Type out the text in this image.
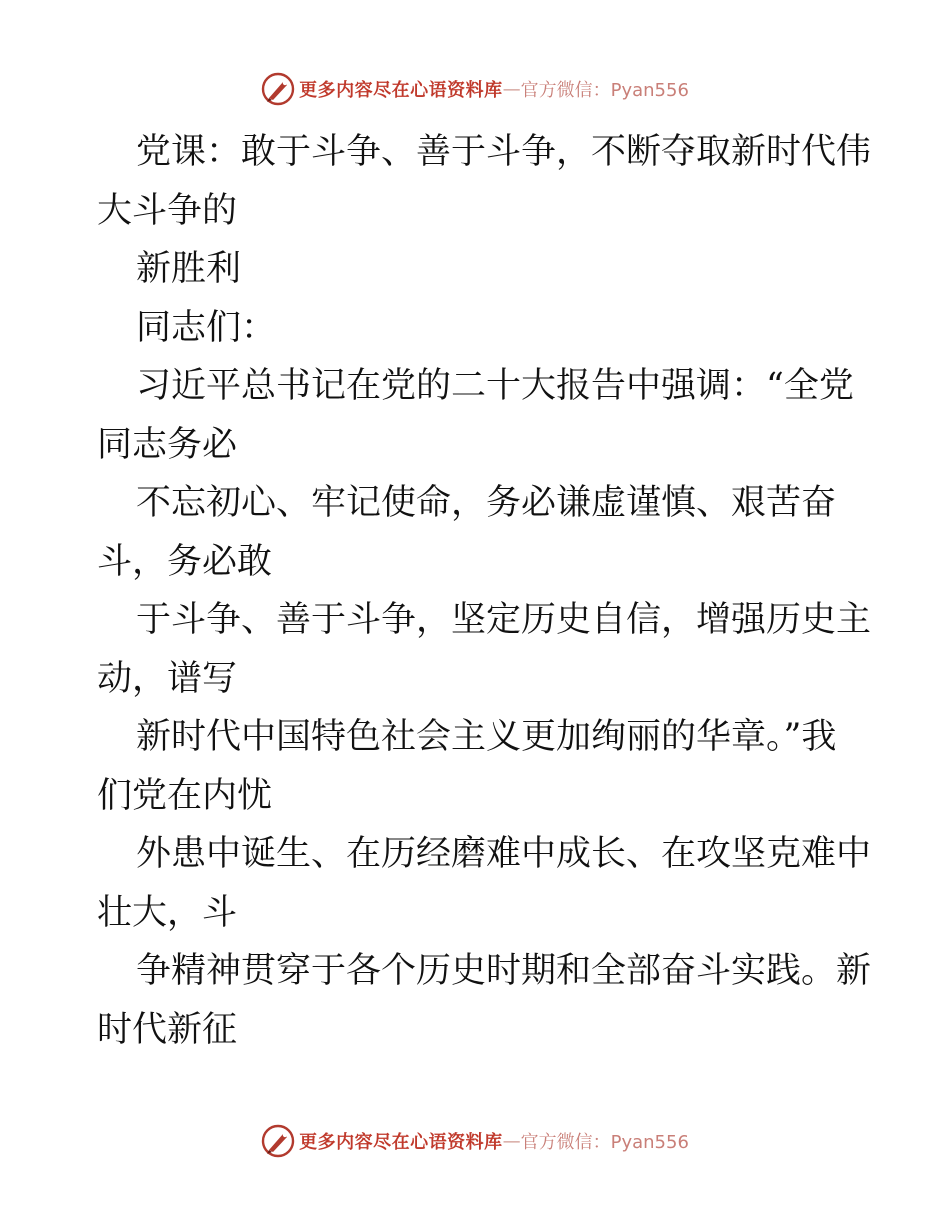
更多内容尽在心语资料库 — 官方微信：Pyan556
党课：敢于斗争、善于斗争，不断夺取新时代伟
大斗争的
新胜利
同志们：
习近平总书记在党的二十大报告中强调：“全党
同志务必
不忘初心、牢记使命，务必谦虚谨慎、艰苦奋
斗，务必敢
于斗争、善于斗争，坚定历史自信，增强历史主
动，谱写
新时代中国特色社会主义更加绚丽的华章。”我
们党在内忧
外患中诞生、在历经磨难中成长、在攻坚克难中
壮大，斗
争精神贯穿于各个历史时期和全部奋斗实践。新
时代新征
更多内容尽在心语资料库 — 官方微信：Pyan556
